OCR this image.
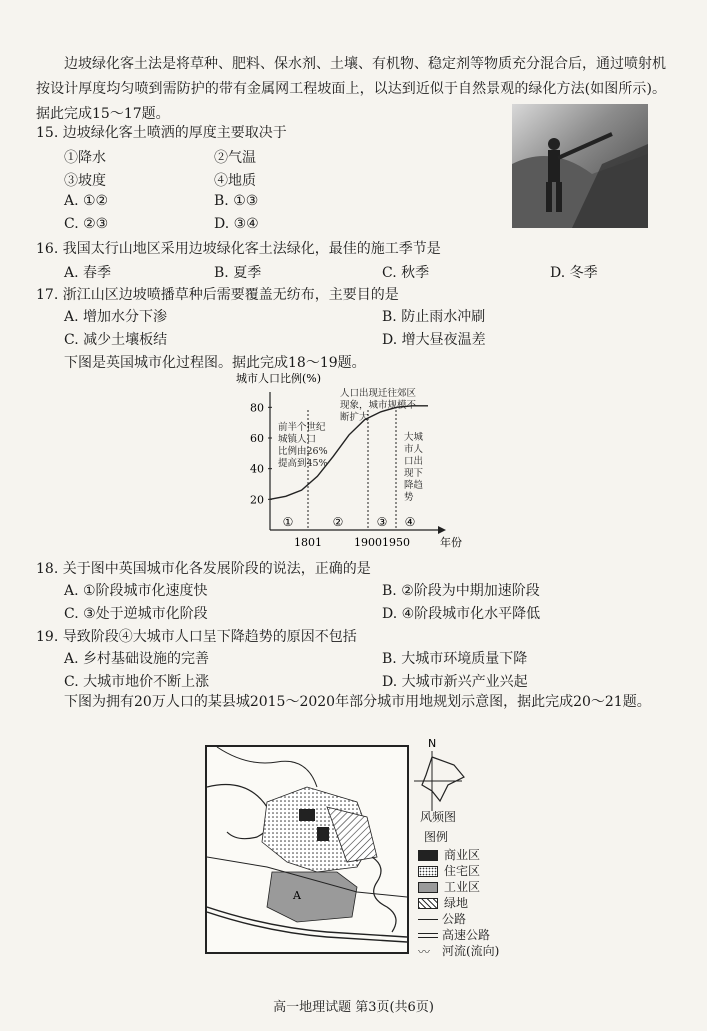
边坡绿化客土法是将草种、肥料、保水剂、土壤、有机物、稳定剂等物质充分混合后，通过喷射机按设计厚度均匀喷到需防护的带有金属网工程坡面上，以达到近似于自然景观的绿化方法(如图所示)。据此完成15～17题。
15. 边坡绿化客土喷洒的厚度主要取决于
①降水	②气温
③坡度	④地质
A. ①②	B. ①③
C. ②③	D. ③④
16. 我国太行山地区采用边坡绿化客土法绿化，最佳的施工季节是
A. 春季	B. 夏季	C. 秋季	D. 冬季
17. 浙江山区边坡喷播草种后需要覆盖无纺布，主要目的是
A. 增加水分下渗	B. 防止雨水冲刷
C. 减少土壤板结	D. 增大昼夜温差
下图是英国城市化过程图。据此完成18～19题。
城市人口比例(%)
20
40
60
80
1801	1900 1950
①	②	③ ④
年份
前半个世纪 城镇人口 比例由26% 提高到45%
人口出现迁往郊区 现象，城市规模不 断扩大
大城 市人 口出 现下 降趋 势
18. 关于图中英国城市化各发展阶段的说法，正确的是
A. ①阶段城市化速度快	B. ②阶段为中期加速阶段
C. ③处于逆城市化阶段	D. ④阶段城市化水平降低
19. 导致阶段④大城市人口呈下降趋势的原因不包括
A. 乡村基础设施的完善	B. 大城市环境质量下降
C. 大城市地价不断上涨	D. 大城市新兴产业兴起
下图为拥有20万人口的某县城2015～2020年部分城市用地规划示意图，据此完成20～21题。
A
N
风频图
图例
商业区
住宅区
工业区
绿地
公路
高速公路
〰 河流(流向)
高一地理试题 第3页(共6页)
